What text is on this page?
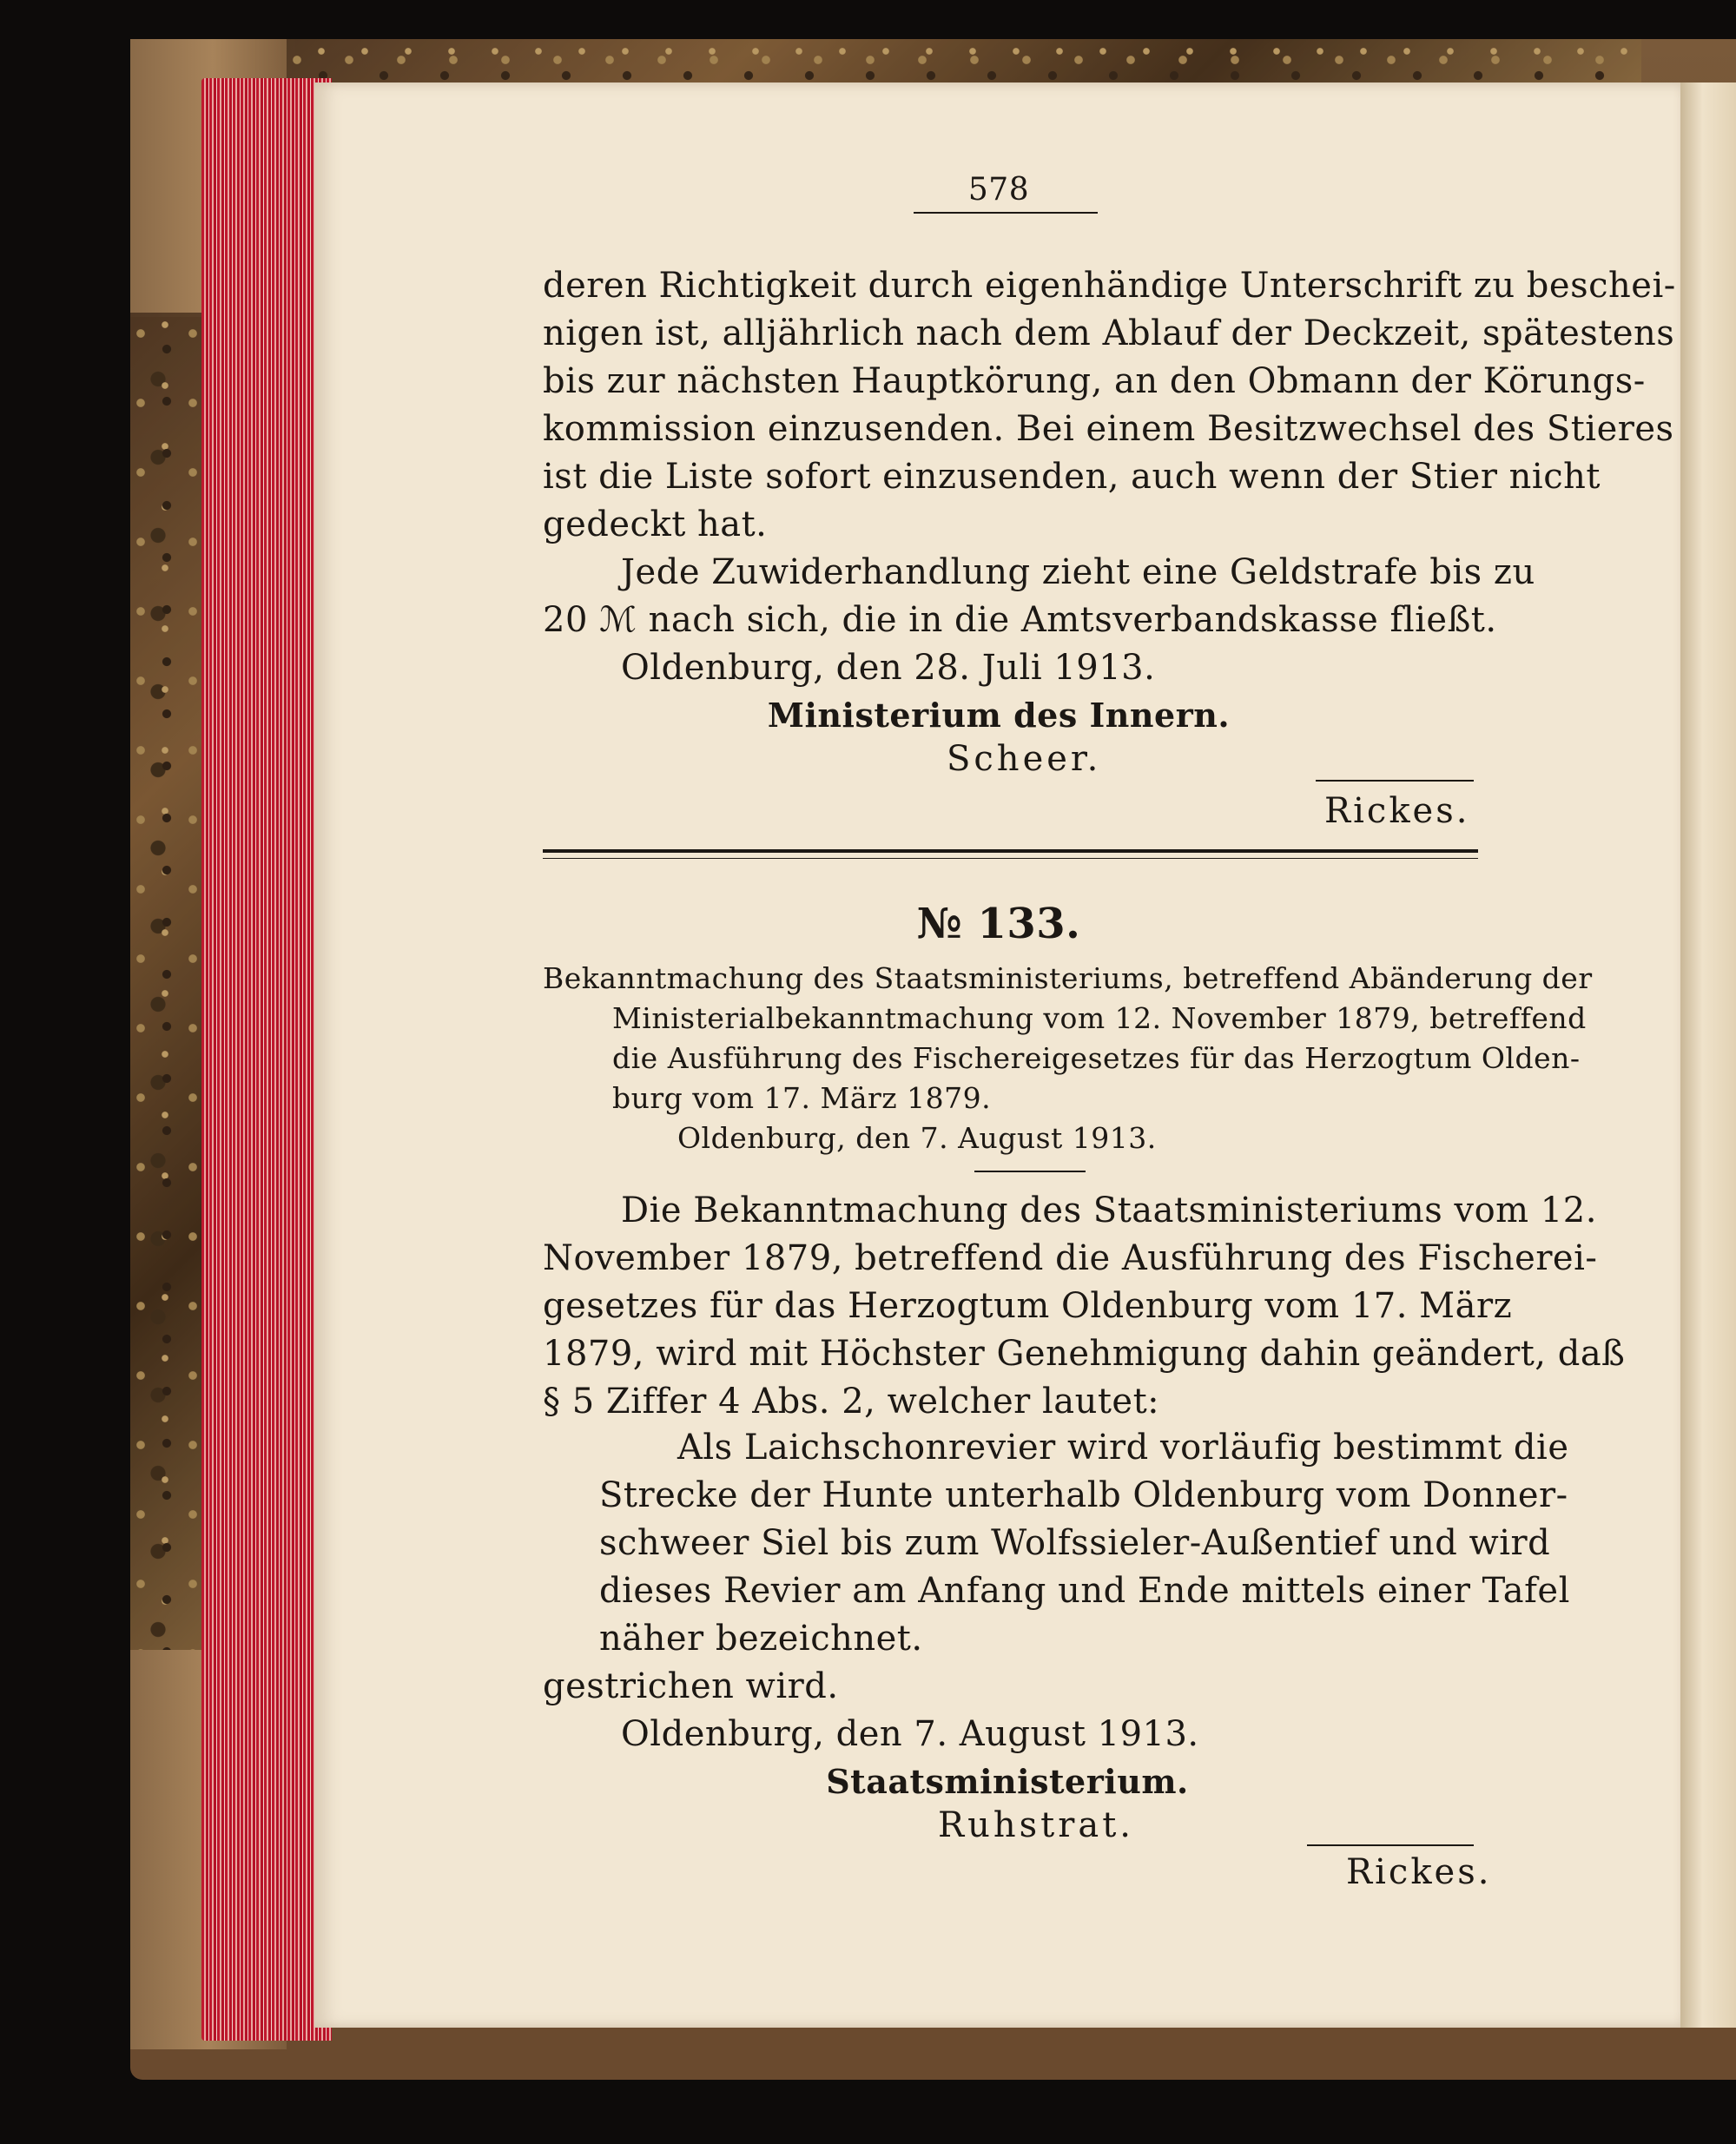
578
deren Richtigkeit durch eigenhändige Unterschrift zu beschei-
nigen ist, alljährlich nach dem Ablauf der Deckzeit, spätestens
bis zur nächsten Hauptkörung, an den Obmann der Körungs-
kommission einzusenden. Bei einem Besitzwechsel des Stieres
ist die Liste sofort einzusenden, auch wenn der Stier nicht
gedeckt hat.
Jede Zuwiderhandlung zieht eine Geldstrafe bis zu
20 ℳ nach sich, die in die Amtsverbandskasse fließt.
Oldenburg, den 28. Juli 1913.
Ministerium des Innern.
Scheer.
Rickes.
№ 133.
Bekanntmachung des Staatsministeriums, betreffend Abänderung der
Ministerialbekanntmachung vom 12. November 1879, betreffend
die Ausführung des Fischereigesetzes für das Herzogtum Olden-
burg vom 17. März 1879.
Oldenburg, den 7. August 1913.
Die Bekanntmachung des Staatsministeriums vom 12.
November 1879, betreffend die Ausführung des Fischerei-
gesetzes für das Herzogtum Oldenburg vom 17. März
1879, wird mit Höchster Genehmigung dahin geändert, daß
§ 5 Ziffer 4 Abs. 2, welcher lautet:
Als Laichschonrevier wird vorläufig bestimmt die
Strecke der Hunte unterhalb Oldenburg vom Donner-
schweer Siel bis zum Wolfssieler-Außentief und wird
dieses Revier am Anfang und Ende mittels einer Tafel
näher bezeichnet.
gestrichen wird.
Oldenburg, den 7. August 1913.
Staatsministerium.
Ruhstrat.
Rickes.
